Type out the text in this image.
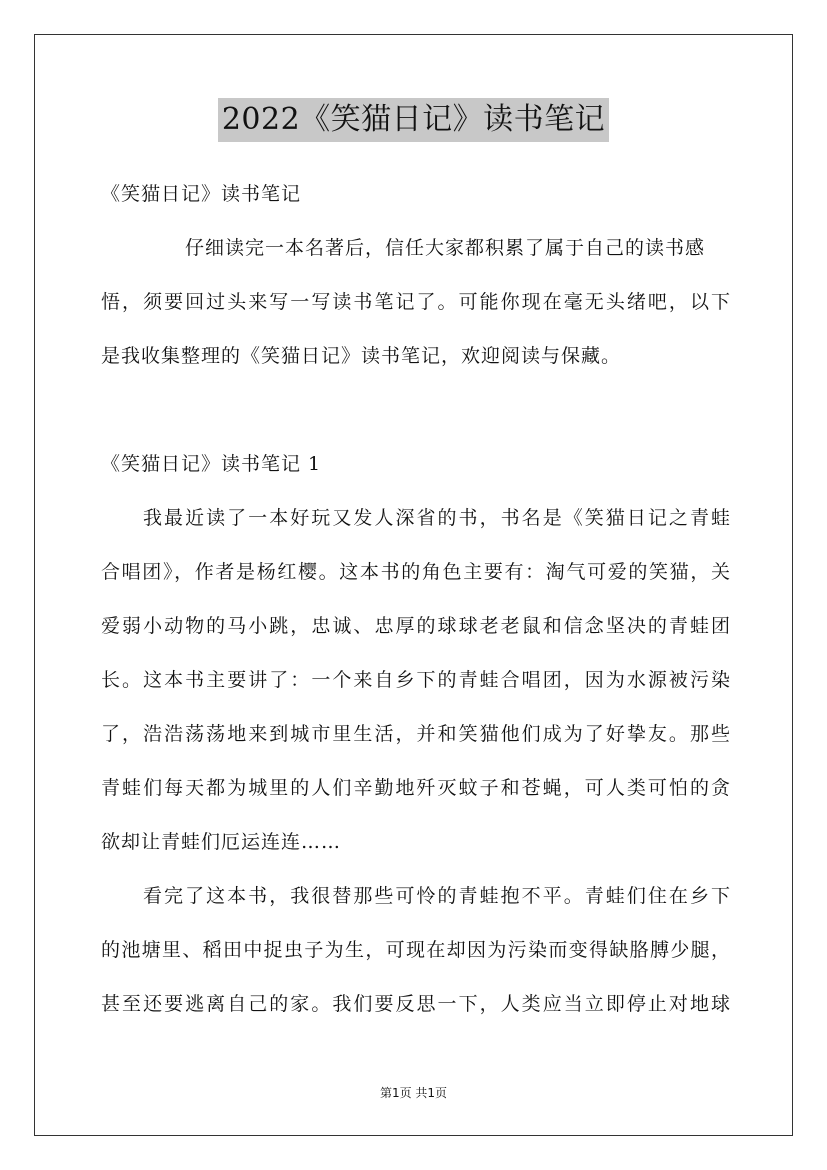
2022《笑猫日记》读书笔记
《笑猫日记》读书笔记
仔细读完一本名著后，信任大家都积累了属于自己的读书感
悟，须要回过头来写一写读书笔记了。可能你现在毫无头绪吧，以下
是我收集整理的《笑猫日记》读书笔记，欢迎阅读与保藏。
《笑猫日记》读书笔记 1
我最近读了一本好玩又发人深省的书，书名是《笑猫日记之青蛙
合唱团》，作者是杨红樱。这本书的角色主要有：淘气可爱的笑猫，关
爱弱小动物的马小跳，忠诚、忠厚的球球老老鼠和信念坚决的青蛙团
长。这本书主要讲了：一个来自乡下的青蛙合唱团，因为水源被污染
了，浩浩荡荡地来到城市里生活，并和笑猫他们成为了好挚友。那些
青蛙们每天都为城里的人们辛勤地歼灭蚊子和苍蝇，可人类可怕的贪
欲却让青蛙们厄运连连……
看完了这本书，我很替那些可怜的青蛙抱不平。青蛙们住在乡下
的池塘里、稻田中捉虫子为生，可现在却因为污染而变得缺胳膊少腿，
甚至还要逃离自己的家。我们要反思一下，人类应当立即停止对地球
第1页 共1页
